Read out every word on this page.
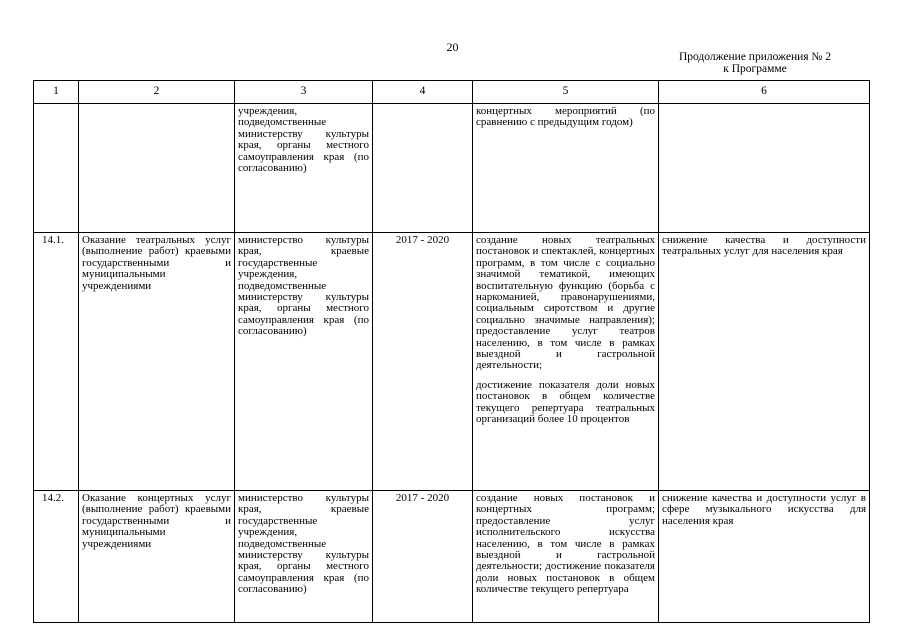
20
Продолжение приложения № 2
к Программе
1	2	3	4	5	6
		учреждения, подведомственные министерству культуры края, органы местного самоуправления края (по согласованию)		концертных мероприятий (по сравнению с предыдущим годом)	

14.1.	Оказание театральных услуг (выполнение работ) краевыми государственными и муниципальными учреждениями	министерство культуры края, краевые государственные учреждения, подведомственные министерству культуры края, органы местного самоуправления края (по согласованию)	2017 - 2020	создание новых театральных постановок и спектаклей, концертных программ, в том числе с социально значимой тематикой, имеющих воспитательную функцию (борьба с наркоманией, правонарушениями, социальным сиротством и другие социально значимые направления); предоставление услуг театров населению, в том числе в рамках выездной и гастрольной деятельности;
достижение показателя доли новых постановок в общем количестве текущего репертуара театральных организаций более 10 процентов	снижение качества и доступности театральных услуг для населения края
14.2.	Оказание концертных услуг (выполнение работ) краевыми государственными и муниципальными учреждениями	министерство культуры края, краевые государственные учреждения, подведомственные министерству культуры края, органы местного самоуправления края (по согласованию)	2017 - 2020	создание новых постановок и концертных программ; предоставление услуг исполнительского искусства населению, в том числе в рамках выездной и гастрольной деятельности; достижение показателя доли новых постановок в общем количестве текущего репертуара	снижение качества и доступности услуг в сфере музыкального искусства для населения края
